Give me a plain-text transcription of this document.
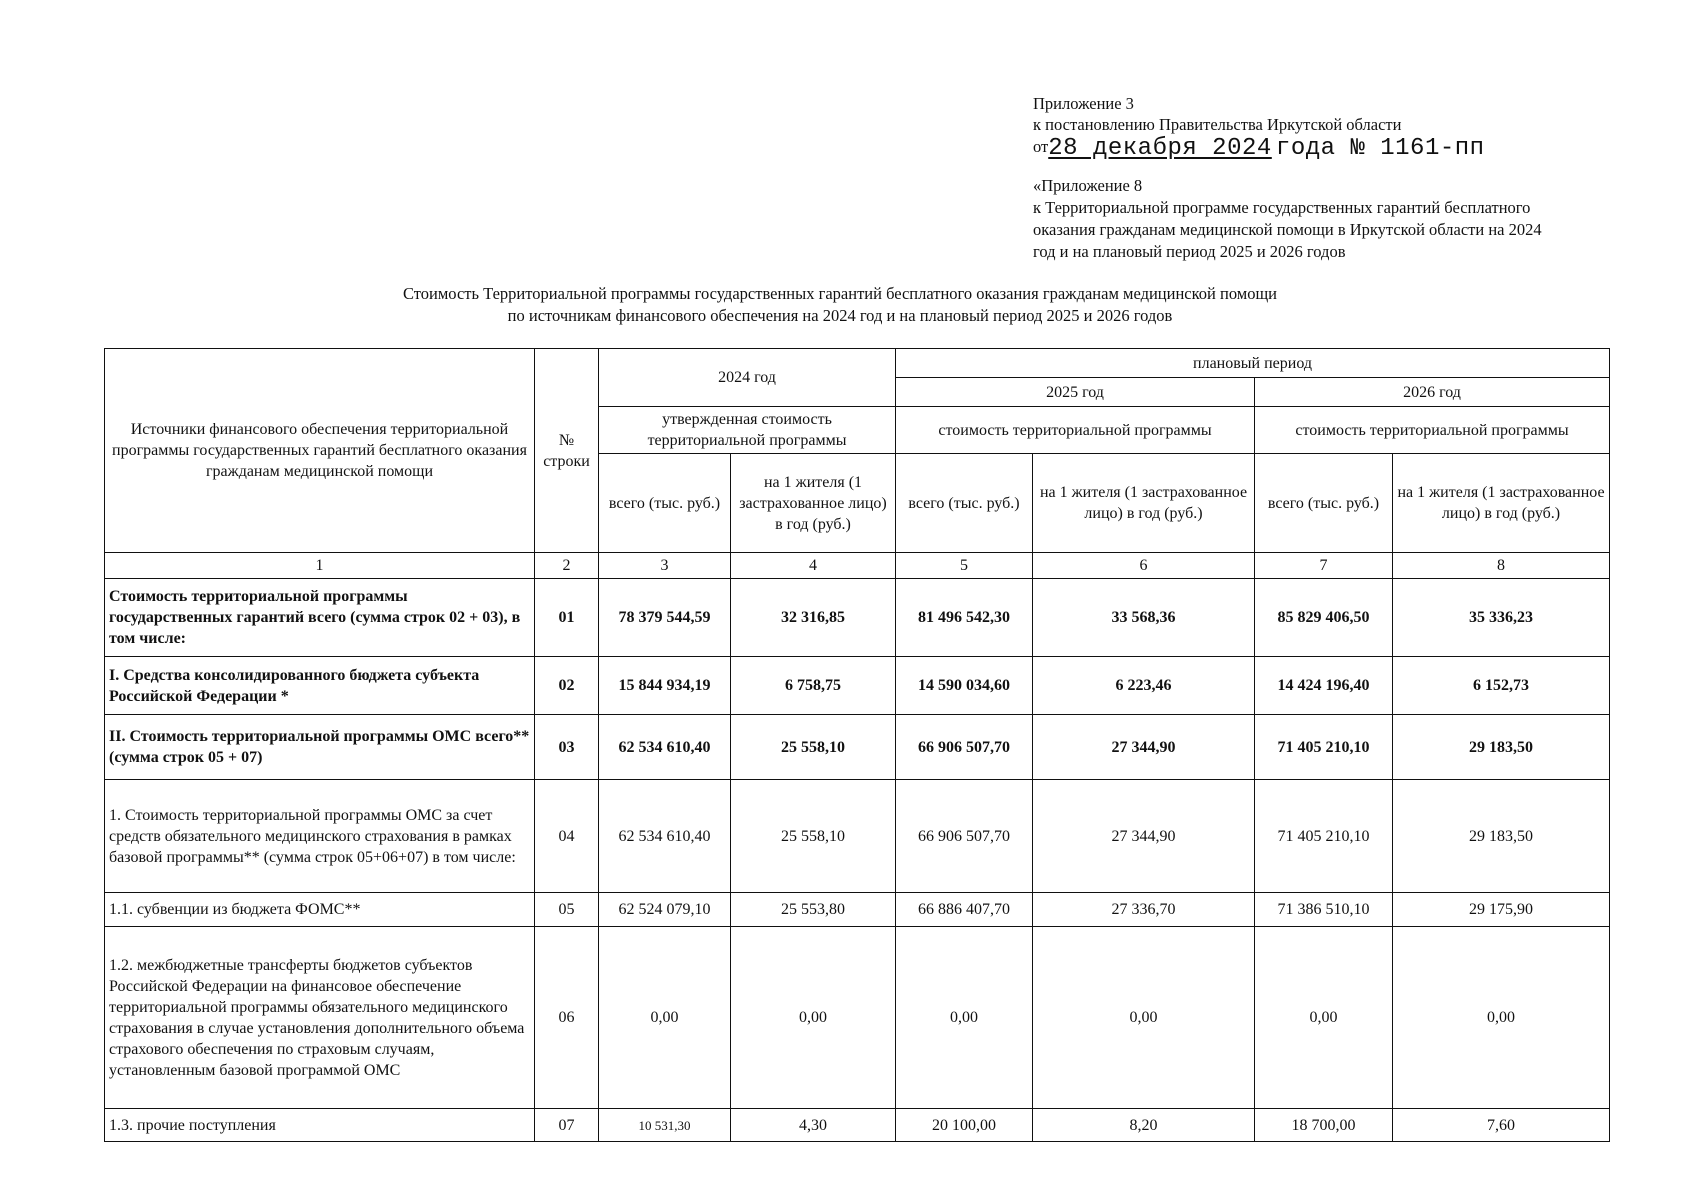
Приложение 3
к постановлению Правительства Иркутской области
от28 декабря 2024 года № 1161-пп
«Приложение 8
к Территориальной программе государственных гарантий бесплатного
оказания гражданам медицинской помощи в Иркутской области на 2024
год и на плановый период 2025 и 2026 годов
Стоимость Территориальной программы государственных гарантий бесплатного оказания гражданам медицинской помощи
по источникам финансового обеспечения на 2024 год и на плановый период 2025 и 2026 годов
Источники финансового обеспечения территориальной программы государственных гарантий бесплатного оказания гражданам медицинской помощи	№ строки	2024 год		плановый период			
				2025 год		2026 год	
		утвержденная стоимость территориальной программы		стоимость территориальной программы		стоимость территориальной программы	
		всего (тыс. руб.)	на 1 жителя (1 застрахованное лицо) в год (руб.)	всего (тыс. руб.)	на 1 жителя (1 застрахованное лицо) в год (руб.)	всего (тыс. руб.)	на 1 жителя (1 застрахованное лицо) в год (руб.)
1	2	3	4	5	6	7	8
Стоимость территориальной программы государственных гарантий всего (сумма строк 02 + 03), в том числе:	01	78 379 544,59	32 316,85	81 496 542,30	33 568,36	85 829 406,50	35 336,23
I. Средства консолидированного бюджета субъекта Российской Федерации *	02	15 844 934,19	6 758,75	14 590 034,60	6 223,46	14 424 196,40	6 152,73
II. Стоимость территориальной программы ОМС всего** (сумма строк 05 + 07)	03	62 534 610,40	25 558,10	66 906 507,70	27 344,90	71 405 210,10	29 183,50
1. Стоимость территориальной программы ОМС за счет средств обязательного медицинского страхования в рамках базовой программы** (сумма строк 05+06+07) в том числе:	04	62 534 610,40	25 558,10	66 906 507,70	27 344,90	71 405 210,10	29 183,50
1.1. субвенции из бюджета ФОМС**	05	62 524 079,10	25 553,80	66 886 407,70	27 336,70	71 386 510,10	29 175,90
1.2. межбюджетные трансферты бюджетов субъектов Российской Федерации на финансовое обеспечение территориальной программы обязательного медицинского страхования в случае установления дополнительного объема страхового обеспечения по страховым случаям, установленным базовой программой ОМС	06	0,00	0,00	0,00	0,00	0,00	0,00
1.3. прочие поступления	07	10 531,30	4,30	20 100,00	8,20	18 700,00	7,60
